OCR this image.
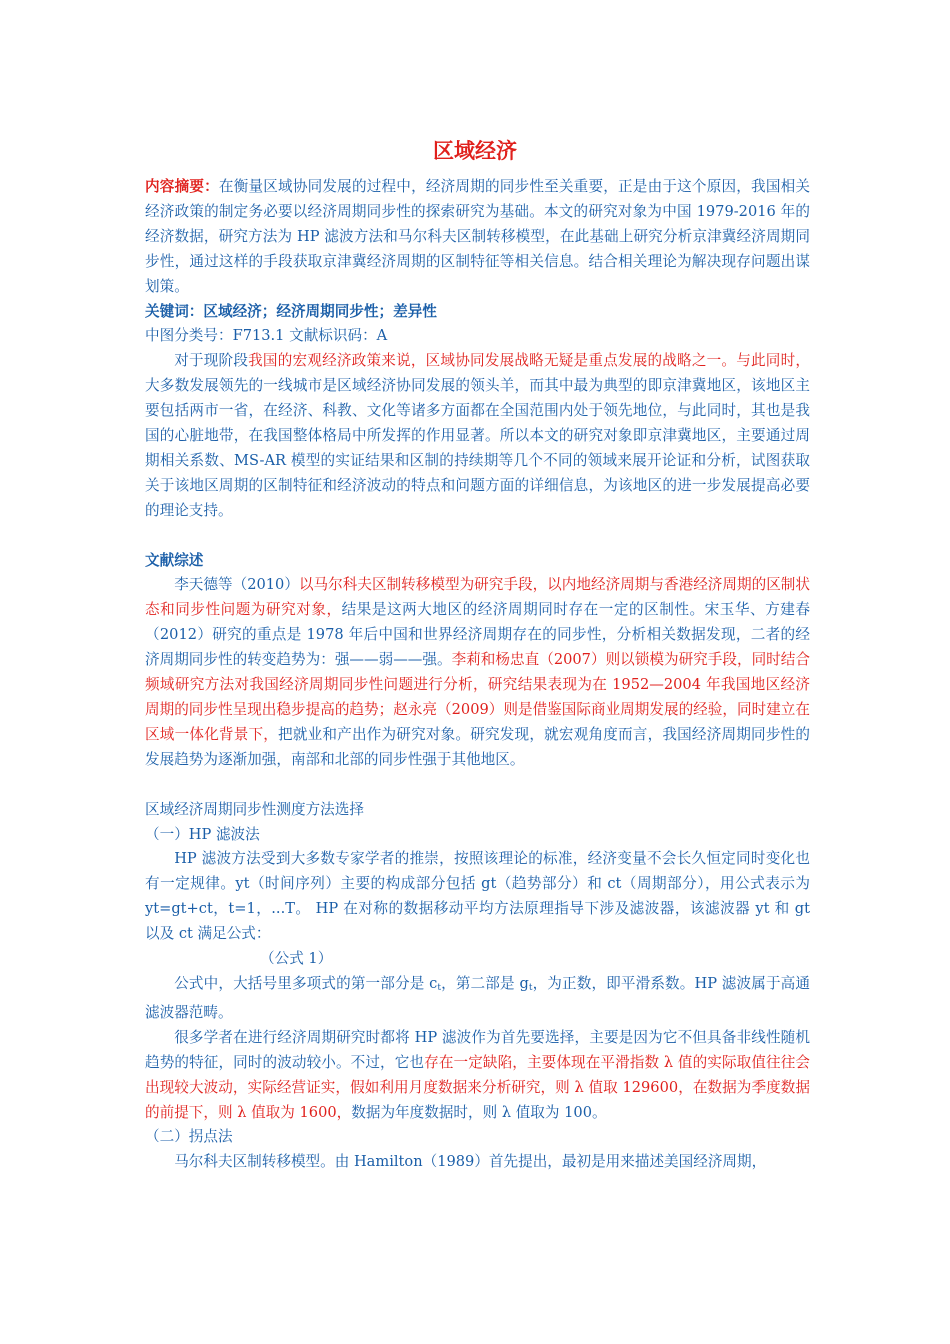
区域经济

内容摘要：在衡量区域协同发展的过程中，经济周期的同步性至关重要，正是由于这个原因，我国相关经济政策的制定务必要以经济周期同步性的探索研究为基础。本文的研究对象为中国 1979-2016 年的经济数据，研究方法为 HP 滤波方法和马尔科夫区制转移模型，在此基础上研究分析京津冀经济周期同步性，通过这样的手段获取京津冀经济周期的区制特征等相关信息。结合相关理论为解决现存问题出谋划策。

关键词：区域经济；经济周期同步性；差异性

中图分类号：F713.1 文献标识码：A

对于现阶段我国的宏观经济政策来说，区域协同发展战略无疑是重点发展的战略之一。与此同时，大多数发展领先的一线城市是区域经济协同发展的领头羊，而其中最为典型的即京津冀地区，该地区主要包括两市一省，在经济、科教、文化等诸多方面都在全国范围内处于领先地位，与此同时，其也是我国的心脏地带，在我国整体格局中所发挥的作用显著。所以本文的研究对象即京津冀地区，主要通过周期相关系数、MS-AR 模型的实证结果和区制的持续期等几个不同的领域来展开论证和分析，试图获取关于该地区周期的区制特征和经济波动的特点和问题方面的详细信息，为该地区的进一步发展提高必要的理论支持。

文献综述

李天德等（2010）以马尔科夫区制转移模型为研究手段，以内地经济周期与香港经济周期的区制状态和同步性问题为研究对象，结果是这两大地区的经济周期同时存在一定的区制性。宋玉华、方建春（2012）研究的重点是 1978 年后中国和世界经济周期存在的同步性，分析相关数据发现，二者的经济周期同步性的转变趋势为：强——弱——强。李莉和杨忠直（2007）则以锁模为研究手段，同时结合频域研究方法对我国经济周期同步性问题进行分析，研究结果表现为在 1952—2004 年我国地区经济周期的同步性呈现出稳步提高的趋势；赵永亮（2009）则是借鉴国际商业周期发展的经验，同时建立在区域一体化背景下，把就业和产出作为研究对象。研究发现，就宏观角度而言，我国经济周期同步性的发展趋势为逐渐加强，南部和北部的同步性强于其他地区。

区域经济周期同步性测度方法选择

（一）HP 滤波法

HP 滤波方法受到大多数专家学者的推崇，按照该理论的标准，经济变量不会长久恒定同时变化也有一定规律。yt（时间序列）主要的构成部分包括 gt（趋势部分）和 ct（周期部分），用公式表示为 yt=gt+ct，t=1，...T。 HP 在对称的数据移动平均方法原理指导下涉及滤波器，该滤波器 yt 和 gt 以及 ct 满足公式：

（公式 1）

公式中，大括号里多项式的第一部分是 $c_t$，第二部是 $g_t$，为正数，即平滑系数。HP 滤波属于高通滤波器范畴。

很多学者在进行经济周期研究时都将 HP 滤波作为首先要选择，主要是因为它不但具备非线性随机趋势的特征，同时的波动较小。不过，它也存在一定缺陷，主要体现在平滑指数 λ 值的实际取值往往会出现较大波动，实际经营证实，假如利用月度数据来分析研究，则 λ 值取 129600，在数据为季度数据的前提下，则 λ 值取为 1600，数据为年度数据时，则 λ 值取为 100。

（二）拐点法

马尔科夫区制转移模型。由 Hamilton（1989）首先提出，最初是用来描述美国经济周期，
